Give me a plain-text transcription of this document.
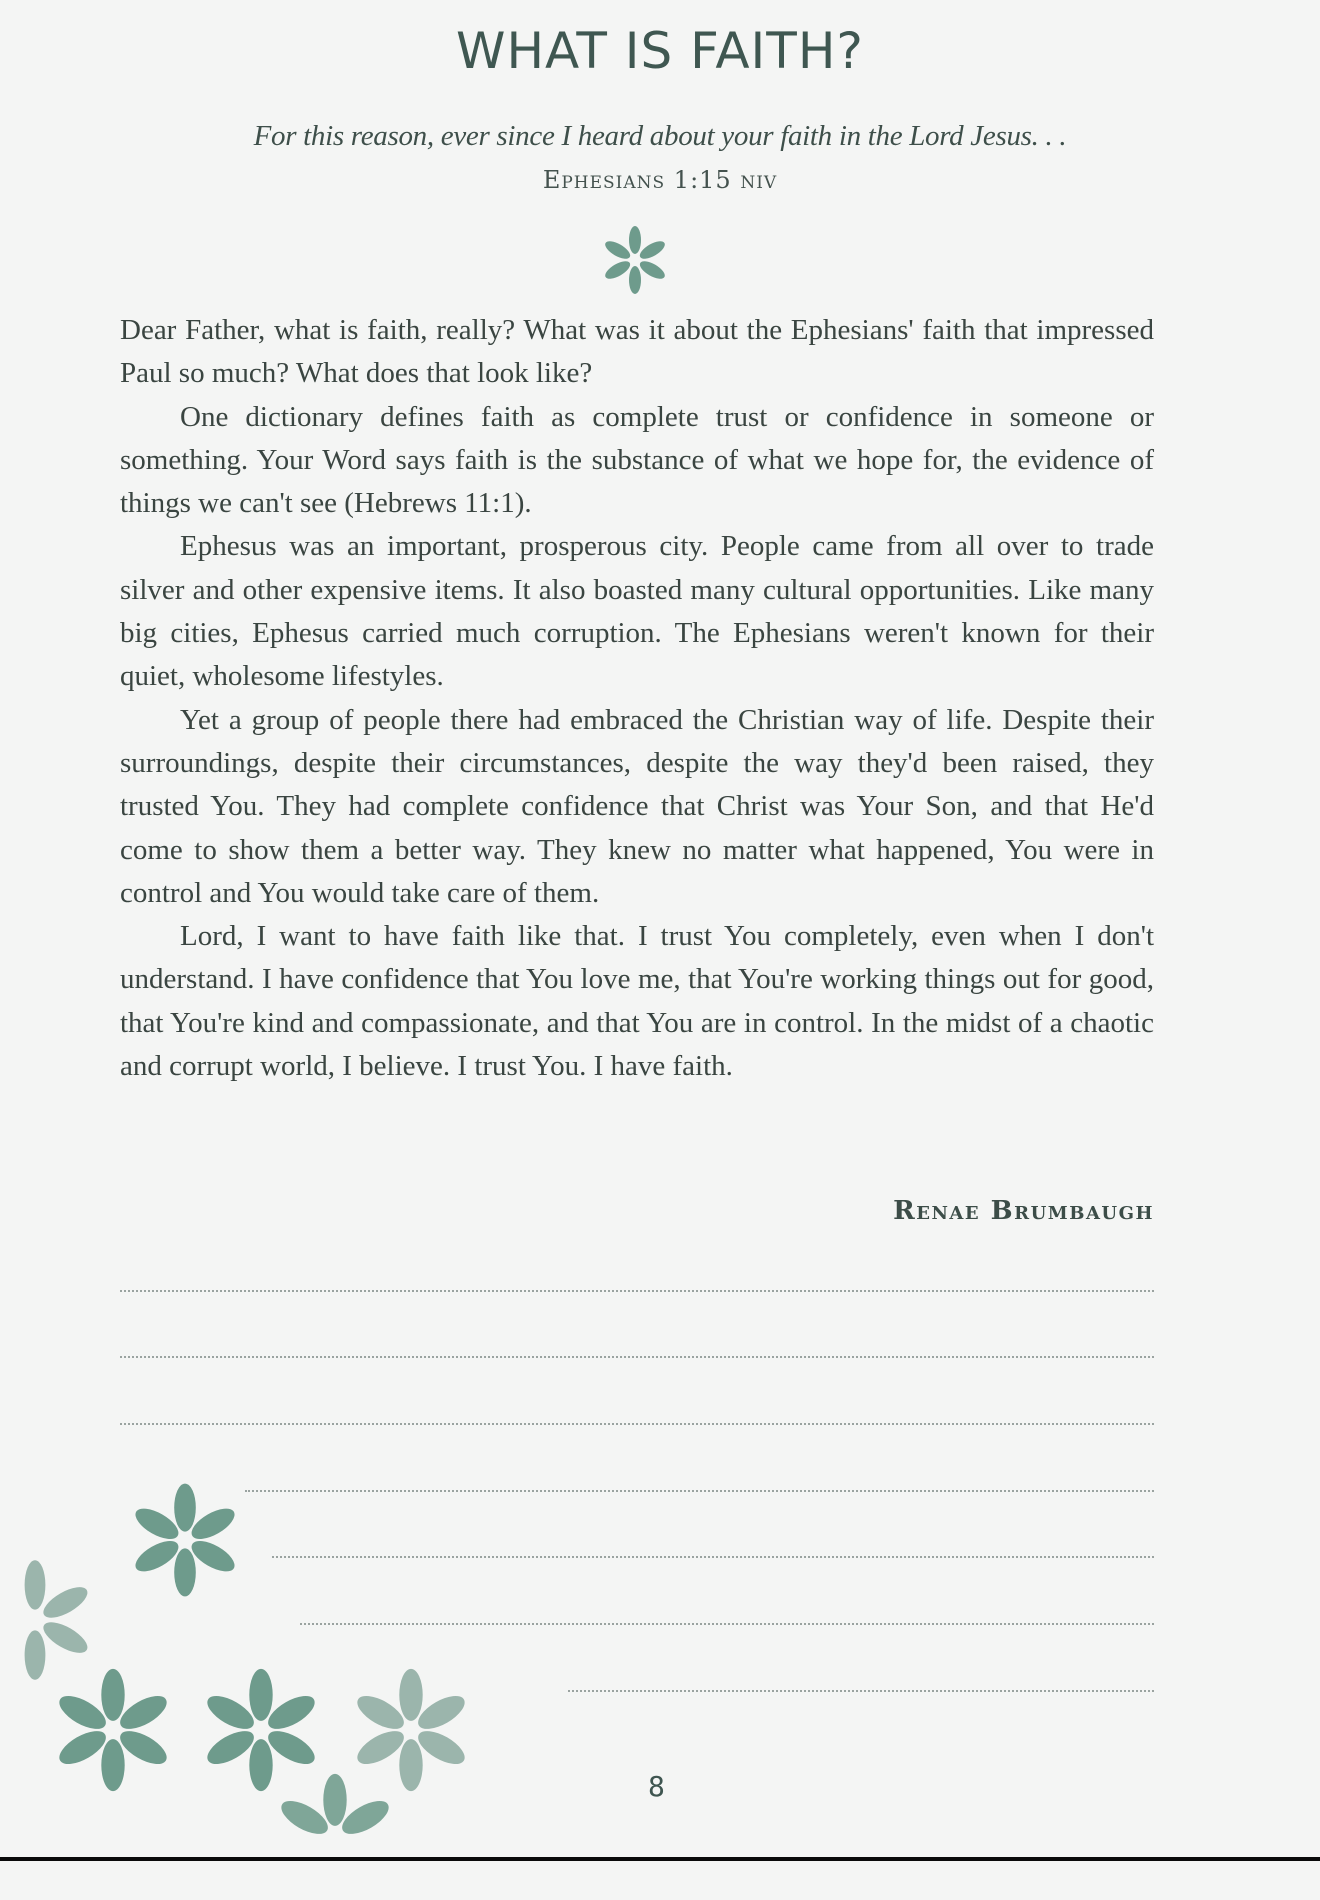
WHAT IS FAITH?
For this reason, ever since I heard about your faith in the Lord Jesus. . .
Ephesians 1:15 niv

Dear Father, what is faith, really? What was it about the Ephesians' faith that impressed Paul so much? What does that look like?

One dictionary defines faith as complete trust or confidence in someone or something. Your Word says faith is the substance of what we hope for, the evidence of things we can't see (Hebrews 11:1).

Ephesus was an important, prosperous city. People came from all over to trade silver and other expensive items. It also boasted many cultural opportunities. Like many big cities, Ephesus carried much corruption. The Ephesians weren't known for their quiet, wholesome lifestyles.

Yet a group of people there had embraced the Christian way of life. Despite their surroundings, despite their circumstances, despite the way they'd been raised, they trusted You. They had complete confidence that Christ was Your Son, and that He'd come to show them a better way. They knew no matter what happened, You were in control and You would take care of them.

Lord, I want to have faith like that. I trust You completely, even when I don't understand. I have confidence that You love me, that You're working things out for good, that You're kind and compassionate, and that You are in control. In the midst of a chaotic and corrupt world, I believe. I trust You. I have faith.

Renae Brumbaugh
8
